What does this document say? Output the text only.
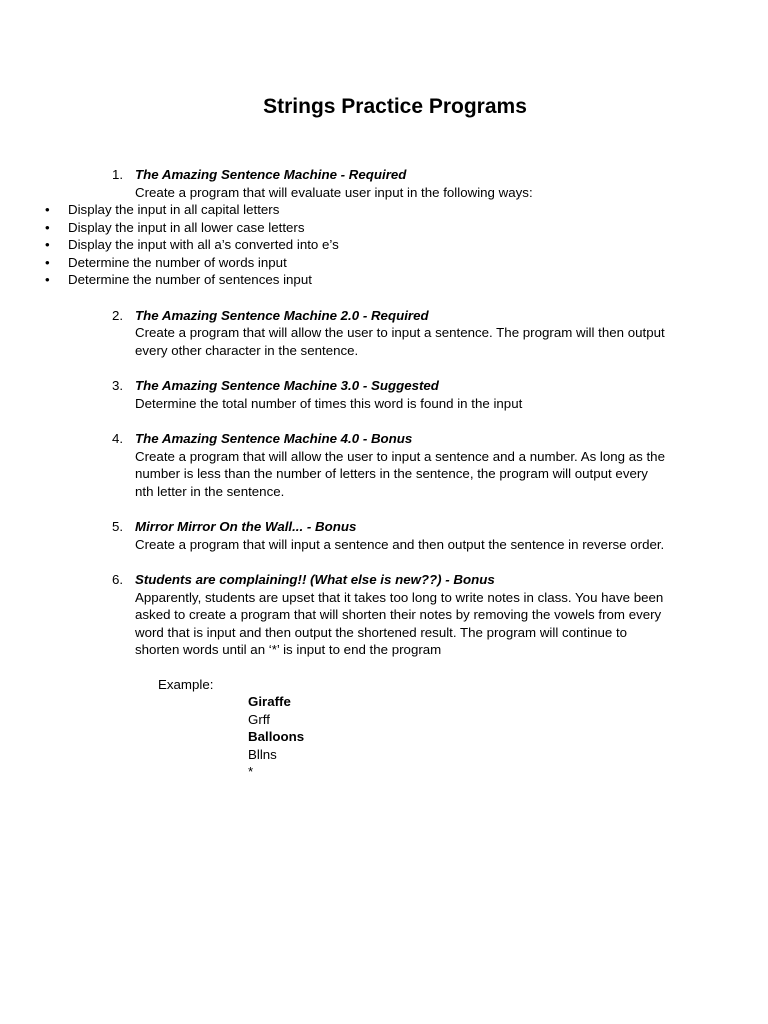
Strings Practice Programs
1. The Amazing Sentence Machine - Required
Create a program that will evaluate user input in the following ways:
• Display the input in all capital letters
• Display the input in all lower case letters
• Display the input with all a’s converted into e’s
• Determine the number of words input
• Determine the number of sentences input
2. The Amazing Sentence Machine 2.0 - Required
Create a program that will allow the user to input a sentence. The program will then output every other character in the sentence.
3. The Amazing Sentence Machine 3.0 - Suggested
Determine the total number of times this word is found in the input
4. The Amazing Sentence Machine 4.0 - Bonus
Create a program that will allow the user to input a sentence and a number. As long as the number is less than the number of letters in the sentence, the program will output every nth letter in the sentence.
5. Mirror Mirror On the Wall... - Bonus
Create a program that will input a sentence and then output the sentence in reverse order.
6. Students are complaining!! (What else is new??) - Bonus
Apparently, students are upset that it takes too long to write notes in class. You have been asked to create a program that will shorten their notes by removing the vowels from every word that is input and then output the shortened result. The program will continue to shorten words until an ‘*’ is input to end the program
Example:
Giraffe
Grff
Balloons
Bllns
*
